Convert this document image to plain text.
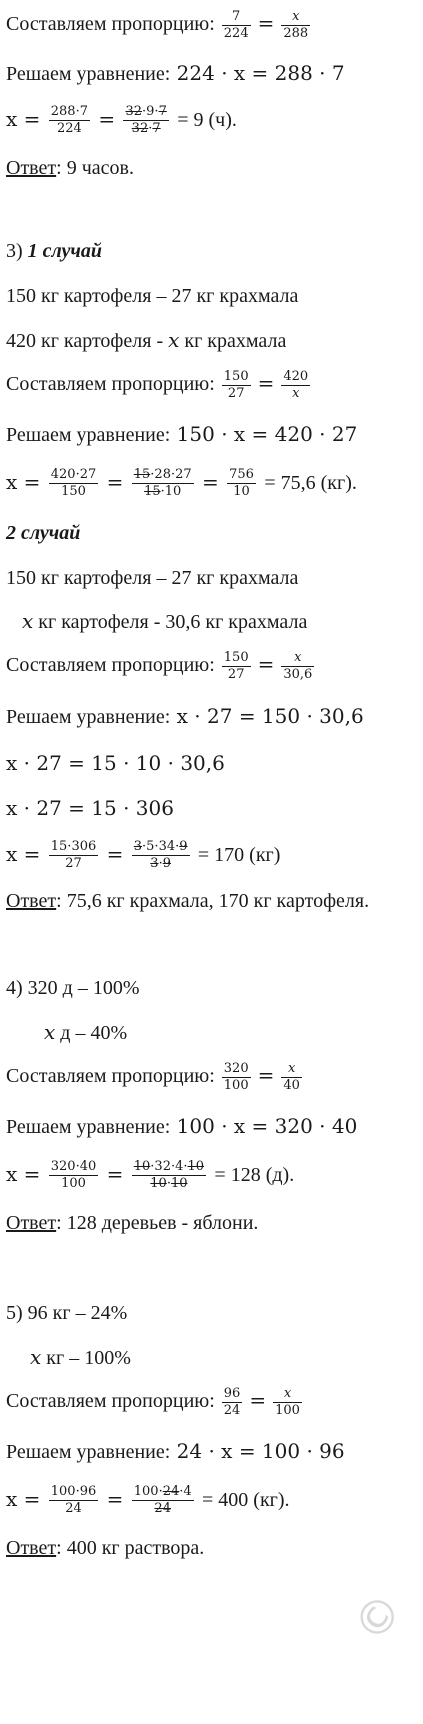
Составляем пропорцию: $\frac{7}{224} = \frac{x}{288}$
Решаем уравнение: 224 · x = 288 · 7
$x = \frac{288\cdot 7}{224} = \frac{32\cdot 9\cdot 7}{32\cdot 7} = 9$ (ч).
Ответ: 9 часов.
3) 1 случай
150 кг картофеля – 27 кг крахмала
420 кг картофеля - x кг крахмала
Составляем пропорцию: $\frac{150}{27} = \frac{420}{x}$
Решаем уравнение: 150 · x = 420 · 27
$x = \frac{420\cdot 27}{150} = \frac{15\cdot 28\cdot 27}{15\cdot 10} = \frac{756}{10} = 75,6$ (кг).
2 случай
150 кг картофеля – 27 кг крахмала
x кг картофеля - 30,6 кг крахмала
Составляем пропорцию: $\frac{150}{27} = \frac{x}{30,6}$
Решаем уравнение: x · 27 = 150 · 30,6
x · 27 = 15 · 10 · 30,6
x · 27 = 15 · 306
$x = \frac{15\cdot 306}{27} = \frac{3\cdot 5\cdot 34\cdot 9}{3\cdot 9} = 170$ (кг)
Ответ: 75,6 кг крахмала, 170 кг картофеля.
4) 320 д – 100%
x д – 40%
Составляем пропорцию: $\frac{320}{100} = \frac{x}{40}$
Решаем уравнение: 100 · x = 320 · 40
$x = \frac{320\cdot 40}{100} = \frac{10\cdot 32\cdot 4\cdot 10}{10\cdot 10} = 128$ (д).
Ответ: 128 деревьев - яблони.
5) 96 кг – 24%
x кг – 100%
Составляем пропорцию: $\frac{96}{24} = \frac{x}{100}$
Решаем уравнение: 24 · x = 100 · 96
$x = \frac{100\cdot 96}{24} = \frac{100\cdot 24\cdot 4}{24} = 400$ (кг).
Ответ: 400 кг раствора.
©
